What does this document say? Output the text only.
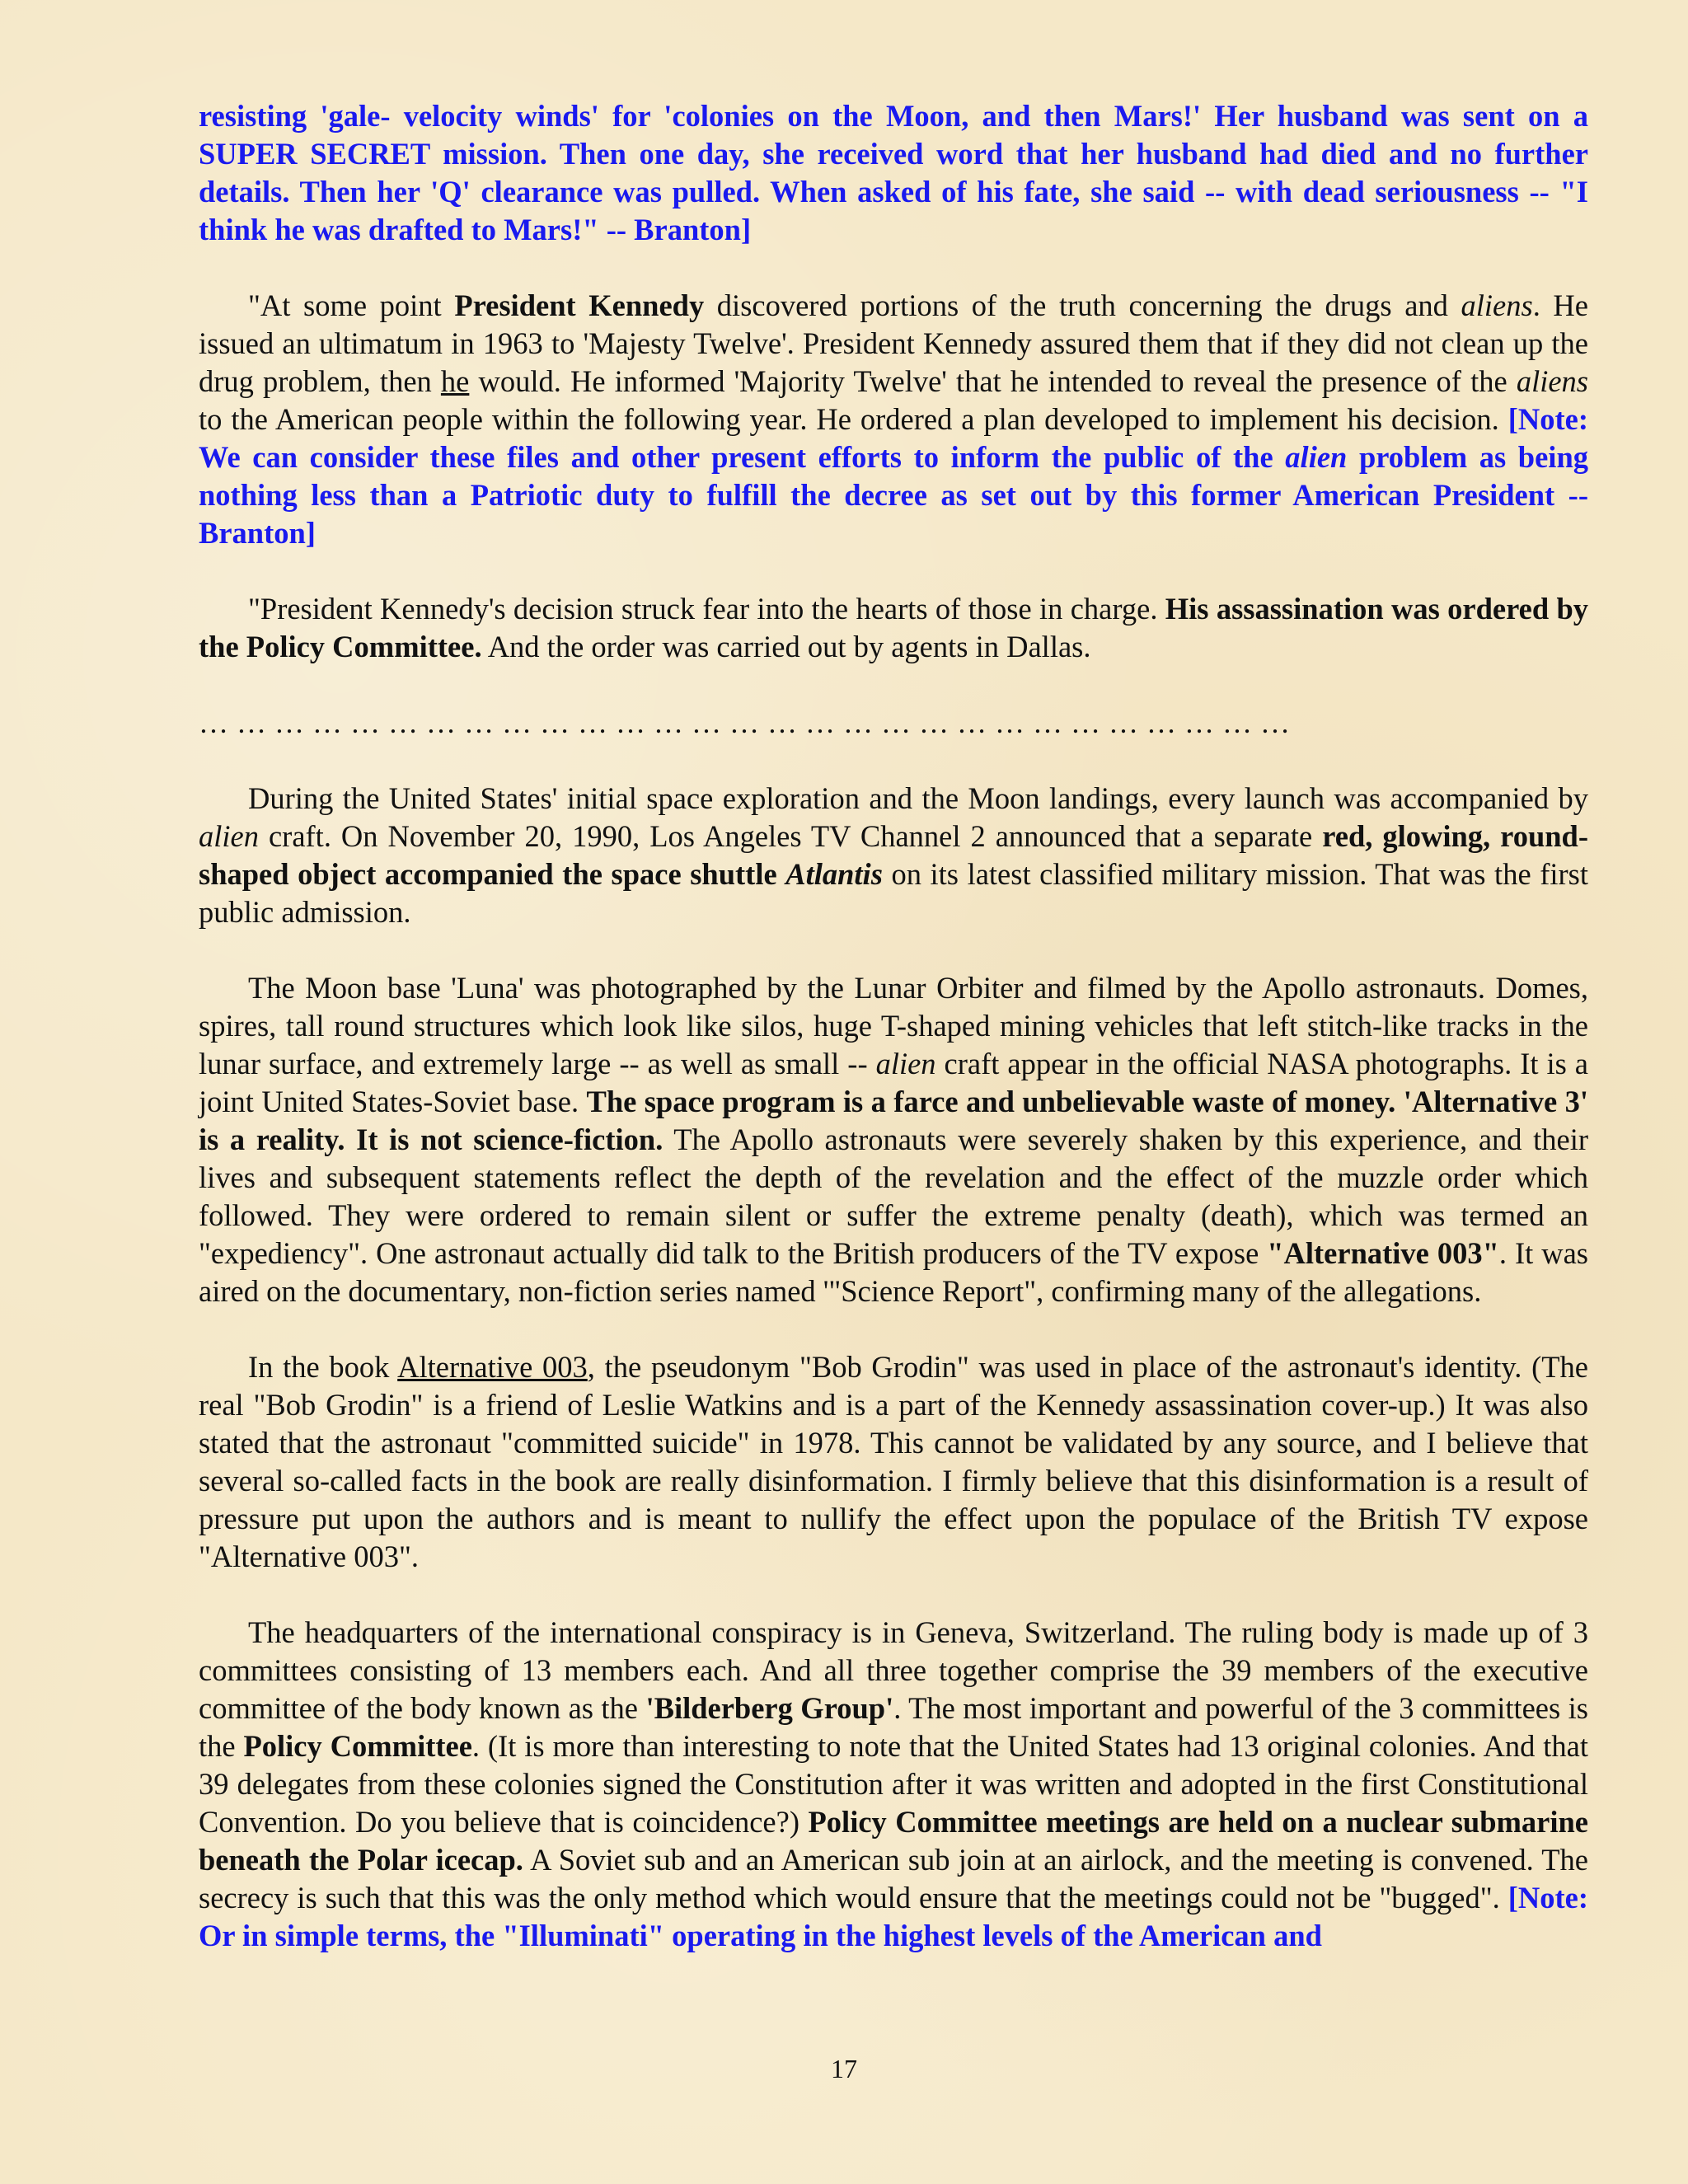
resisting 'gale- velocity winds' for 'colonies on the Moon, and then Mars!' Her husband was sent on a SUPER SECRET mission. Then one day, she received word that her husband had died and no further details. Then her 'Q' clearance was pulled. When asked of his fate, she said -- with dead seriousness -- "I think he was drafted to Mars!" -- Branton]

"At some point President Kennedy discovered portions of the truth concerning the drugs and aliens. He issued an ultimatum in 1963 to 'Majesty Twelve'. President Kennedy assured them that if they did not clean up the drug problem, then he would. He informed 'Majority Twelve' that he intended to reveal the presence of the aliens to the American people within the following year. He ordered a plan developed to implement his decision. [Note: We can consider these files and other present efforts to inform the public of the alien problem as being nothing less than a Patriotic duty to fulfill the decree as set out by this former American President -- Branton]

"President Kennedy's decision struck fear into the hearts of those in charge. His assassination was ordered by the Policy Committee. And the order was carried out by agents in Dallas.

… … … … … … … … … … … … … … … … … … … … … … … … … … … … …

During the United States' initial space exploration and the Moon landings, every launch was accompanied by alien craft. On November 20, 1990, Los Angeles TV Channel 2 announced that a separate red, glowing, round-shaped object accompanied the space shuttle Atlantis on its latest classified military mission. That was the first public admission.

The Moon base 'Luna' was photographed by the Lunar Orbiter and filmed by the Apollo astronauts. Domes, spires, tall round structures which look like silos, huge T-shaped mining vehicles that left stitch-like tracks in the lunar surface, and extremely large -- as well as small -- alien craft appear in the official NASA photographs. It is a joint United States-Soviet base. The space program is a farce and unbelievable waste of money. 'Alternative 3' is a reality. It is not science-fiction. The Apollo astronauts were severely shaken by this experience, and their lives and subsequent statements reflect the depth of the revelation and the effect of the muzzle order which followed. They were ordered to remain silent or suffer the extreme penalty (death), which was termed an "expediency". One astronaut actually did talk to the British producers of the TV expose "Alternative 003". It was aired on the documentary, non-fiction series named '"Science Report", confirming many of the allegations.

In the book Alternative 003, the pseudonym "Bob Grodin" was used in place of the astronaut's identity. (The real "Bob Grodin" is a friend of Leslie Watkins and is a part of the Kennedy assassination cover-up.) It was also stated that the astronaut "committed suicide" in 1978. This cannot be validated by any source, and I believe that several so-called facts in the book are really disinformation. I firmly believe that this disinformation is a result of pressure put upon the authors and is meant to nullify the effect upon the populace of the British TV expose "Alternative 003".

The headquarters of the international conspiracy is in Geneva, Switzerland. The ruling body is made up of 3 committees consisting of 13 members each. And all three together comprise the 39 members of the executive committee of the body known as the 'Bilderberg Group'. The most important and powerful of the 3 committees is the Policy Committee. (It is more than interesting to note that the United States had 13 original colonies. And that 39 delegates from these colonies signed the Constitution after it was written and adopted in the first Constitutional Convention. Do you believe that is coincidence?) Policy Committee meetings are held on a nuclear submarine beneath the Polar icecap. A Soviet sub and an American sub join at an airlock, and the meeting is convened. The secrecy is such that this was the only method which would ensure that the meetings could not be "bugged". [Note: Or in simple terms, the "Illuminati" operating in the highest levels of the American and

17
